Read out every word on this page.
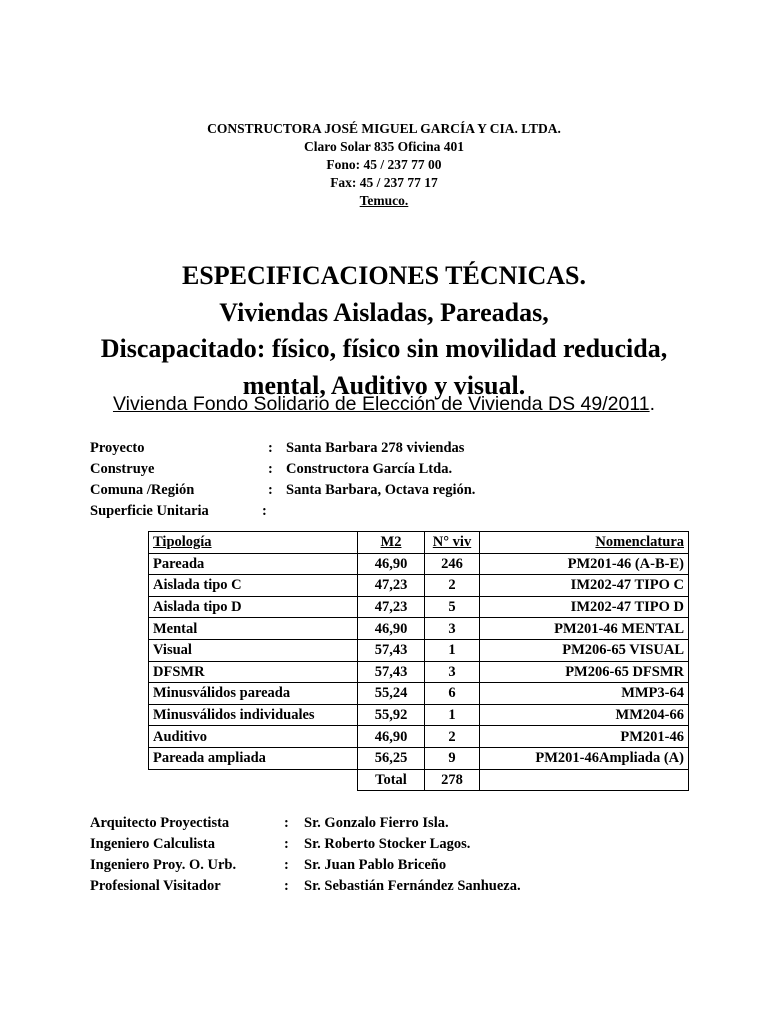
CONSTRUCTORA JOSÉ MIGUEL GARCÍA Y CIA. LTDA.
Claro Solar 835 Oficina 401
Fono: 45 / 237 77 00
Fax: 45 / 237 77 17
Temuco.
ESPECIFICACIONES TÉCNICAS.
Viviendas Aisladas, Pareadas,
Discapacitado: físico, físico sin movilidad reducida,
mental, Auditivo y visual.
Vivienda Fondo Solidario de Elección de Vivienda DS 49/2011.
Proyecto	: Santa Barbara 278 viviendas
Construye	: Constructora García Ltda.
Comuna /Región	: Santa Barbara, Octava región.
Superficie Unitaria	:
Tipología	M2	N° viv	Nomenclatura
Pareada	46,90	246	PM201-46 (A-B-E)
Aislada tipo C	47,23	2	IM202-47 TIPO C
Aislada tipo D	47,23	5	IM202-47 TIPO D
Mental	46,90	3	PM201-46 MENTAL
Visual	57,43	1	PM206-65 VISUAL
DFSMR	57,43	3	PM206-65 DFSMR
Minusválidos pareada	55,24	6	MMP3-64
Minusválidos individuales	55,92	1	MM204-66
Auditivo	46,90	2	PM201-46
Pareada ampliada	56,25	9	PM201-46Ampliada (A)
	Total	278	
Arquitecto Proyectista	: Sr. Gonzalo Fierro Isla.
Ingeniero Calculista	: Sr. Roberto Stocker Lagos.
Ingeniero Proy. O. Urb.	: Sr. Juan Pablo Briceño
Profesional Visitador	: Sr. Sebastián Fernández Sanhueza.
